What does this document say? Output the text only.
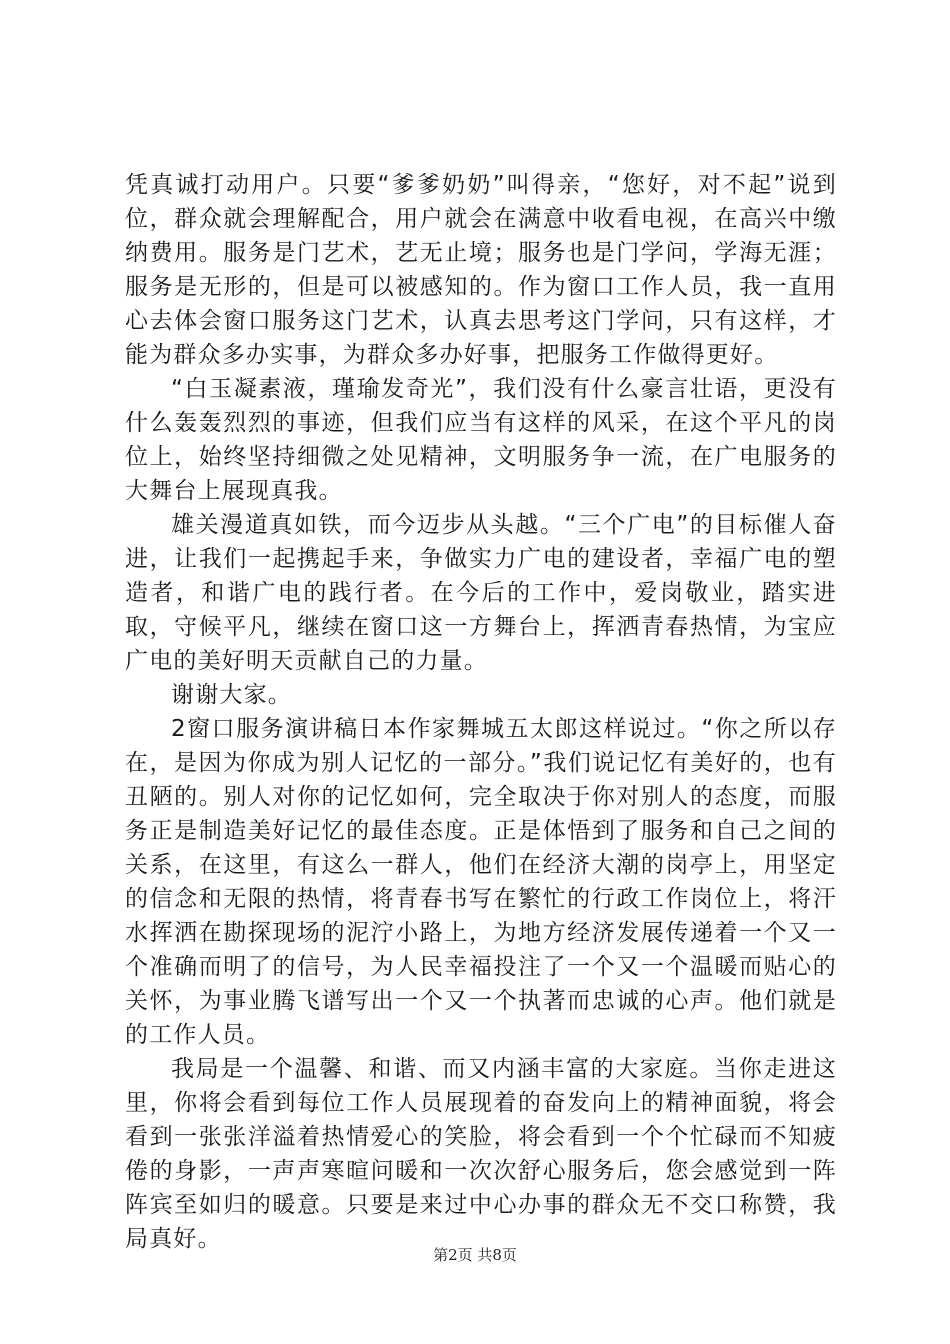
凭真诚打动用户。只要“爹爹奶奶”叫得亲，“您好，对不起”说到位，群众就会理解配合，用户就会在满意中收看电视，在高兴中缴纳费用。服务是门艺术，艺无止境；服务也是门学问，学海无涯；服务是无形的，但是可以被感知的。作为窗口工作人员，我一直用心去体会窗口服务这门艺术，认真去思考这门学问，只有这样，才能为群众多办实事，为群众多办好事，把服务工作做得更好。

“白玉凝素液，瑾瑜发奇光”，我们没有什么豪言壮语，更没有什么轰轰烈烈的事迹，但我们应当有这样的风采，在这个平凡的岗位上，始终坚持细微之处见精神，文明服务争一流，在广电服务的大舞台上展现真我。

雄关漫道真如铁，而今迈步从头越。“三个广电”的目标催人奋进，让我们一起携起手来，争做实力广电的建设者，幸福广电的塑造者，和谐广电的践行者。在今后的工作中，爱岗敬业，踏实进取，守候平凡，继续在窗口这一方舞台上，挥洒青春热情，为宝应广电的美好明天贡献自己的力量。

谢谢大家。

2窗口服务演讲稿日本作家舞城五太郎这样说过。“你之所以存在，是因为你成为别人记忆的一部分。”我们说记忆有美好的，也有丑陋的。别人对你的记忆如何，完全取决于你对别人的态度，而服务正是制造美好记忆的最佳态度。正是体悟到了服务和自己之间的关系，在这里，有这么一群人，他们在经济大潮的岗亭上，用坚定的信念和无限的热情，将青春书写在繁忙的行政工作岗位上，将汗水挥洒在勘探现场的泥泞小路上，为地方经济发展传递着一个又一个准确而明了的信号，为人民幸福投注了一个又一个温暖而贴心的关怀，为事业腾飞谱写出一个又一个执著而忠诚的心声。他们就是的工作人员。

我局是一个温馨、和谐、而又内涵丰富的大家庭。当你走进这里，你将会看到每位工作人员展现着的奋发向上的精神面貌，将会看到一张张洋溢着热情爱心的笑脸，将会看到一个个忙碌而不知疲倦的身影，一声声寒暄问暖和一次次舒心服务后，您会感觉到一阵阵宾至如归的暖意。只要是来过中心办事的群众无不交口称赞，我局真好。

第2页 共8页
